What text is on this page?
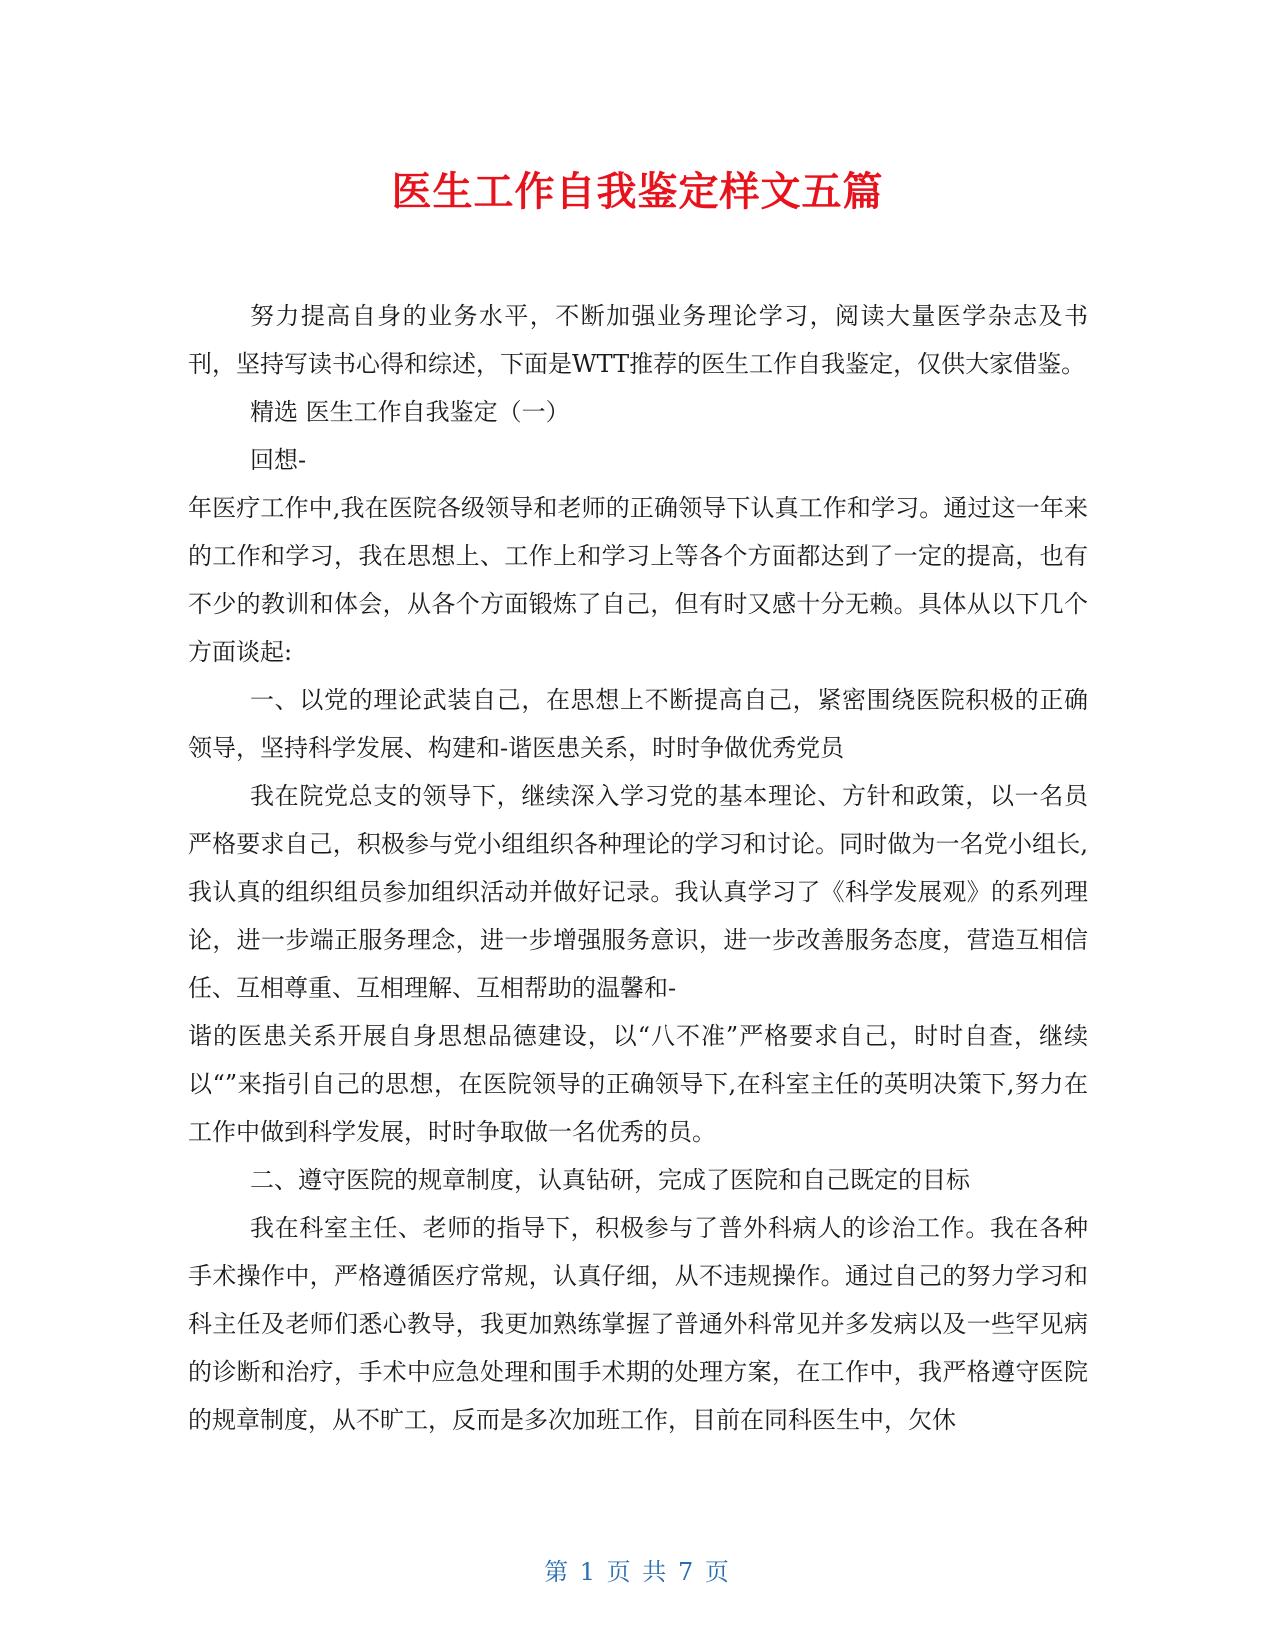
医生工作自我鉴定样文五篇

努力提高自身的业务水平，不断加强业务理论学习，阅读大量医学杂志及书刊，坚持写读书心得和综述，下面是WTT推荐的医生工作自我鉴定，仅供大家借鉴。

精选 医生工作自我鉴定（一）

回想-

年医疗工作中,我在医院各级领导和老师的正确领导下认真工作和学习。通过这一年来的工作和学习，我在思想上、工作上和学习上等各个方面都达到了一定的提高，也有不少的教训和体会，从各个方面锻炼了自己，但有时又感十分无赖。具体从以下几个方面谈起:

一、以党的理论武装自己，在思想上不断提高自己，紧密围绕医院积极的正确领导，坚持科学发展、构建和-谐医患关系，时时争做优秀党员

我在院党总支的领导下，继续深入学习党的基本理论、方针和政策，以一名员严格要求自己，积极参与党小组组织各种理论的学习和讨论。同时做为一名党小组长,我认真的组织组员参加组织活动并做好记录。我认真学习了《科学发展观》的系列理论，进一步端正服务理念，进一步增强服务意识，进一步改善服务态度，营造互相信任、互相尊重、互相理解、互相帮助的温馨和-

谐的医患关系开展自身思想品德建设，以“八不准”严格要求自己，时时自查，继续以“”来指引自己的思想，在医院领导的正确领导下,在科室主任的英明决策下,努力在工作中做到科学发展，时时争取做一名优秀的员。

二、遵守医院的规章制度，认真钻研，完成了医院和自己既定的目标

我在科室主任、老师的指导下，积极参与了普外科病人的诊治工作。我在各种手术操作中，严格遵循医疗常规，认真仔细，从不违规操作。通过自己的努力学习和科主任及老师们悉心教导，我更加熟练掌握了普通外科常见并多发病以及一些罕见病的诊断和治疗，手术中应急处理和围手术期的处理方案，在工作中，我严格遵守医院的规章制度，从不旷工，反而是多次加班工作，目前在同科医生中，欠休

第 1 页 共 7 页
